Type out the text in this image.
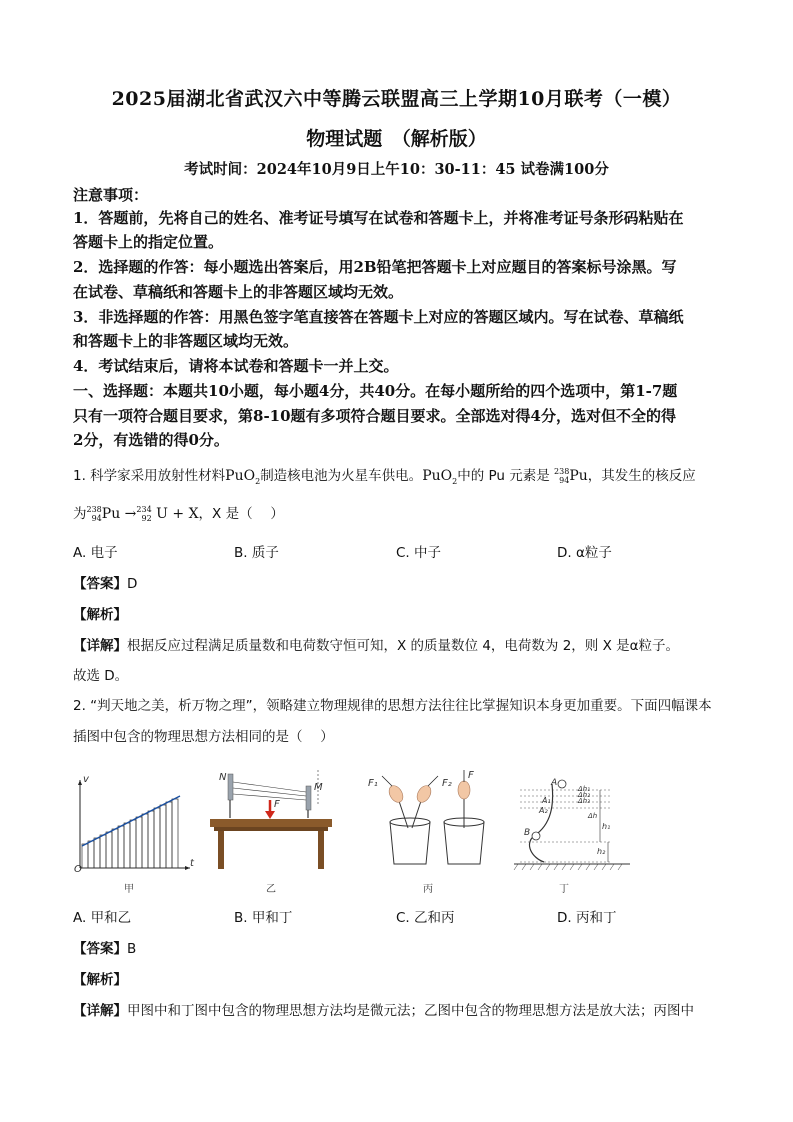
2025届湖北省武汉六中等腾云联盟高三上学期10月联考（一模）
物理试题　（解析版）
考试时间：2024年10月9日上午10：30-11：45 试卷满100分
注意事项：
1．答题前，先将自己的姓名、准考证号填写在试卷和答题卡上，并将准考证号条形码粘贴在
答题卡上的指定位置。
2．选择题的作答：每小题选出答案后，用2B铅笔把答题卡上对应题目的答案标号涂黑。写
在试卷、草稿纸和答题卡上的非答题区域均无效。
3．非选择题的作答：用黑色签字笔直接答在答题卡上对应的答题区域内。写在试卷、草稿纸
和答题卡上的非答题区域均无效。
4．考试结束后，请将本试卷和答题卡一并上交。
一、选择题：本题共10小题，每小题4分，共40分。在每小题所给的四个选项中，第1-7题
只有一项符合题目要求，第8-10题有多项符合题目要求。全部选对得4分，选对但不全的得
2分，有选错的得0分。
1. 科学家采用放射性材料PuO$_2$制造核电池为火星车供电。PuO$_2$中的 Pu 元素是 238
94Pu，其发生的核反应
为238
94Pu →234
92 U + X，X 是（　 ）
A. 电子	B. 质子	C. 中子	D. α粒子
【答案】D
【解析】
【详解】根据反应过程满足质量数和电荷数守恒可知，X 的质量数位 4，电荷数为 2，则 X 是α粒子。
故选 D。
2. “判天地之美，析万物之理”，领略建立物理规律的思想方法往往比掌握知识本身更加重要。下面四幅课本
插图中包含的物理思想方法相同的是（　 ）
v
t
O
甲
N
M
F
乙
F₁	F₂
F
丙
A
A₁
A₂
B
Δh₁
Δh₂
Δh₃
Δh
h₁
h₂
丁
A. 甲和乙	B. 甲和丁	C. 乙和丙	D. 丙和丁
【答案】B
【解析】
【详解】甲图中和丁图中包含的物理思想方法均是微元法；乙图中包含的物理思想方法是放大法；丙图中
